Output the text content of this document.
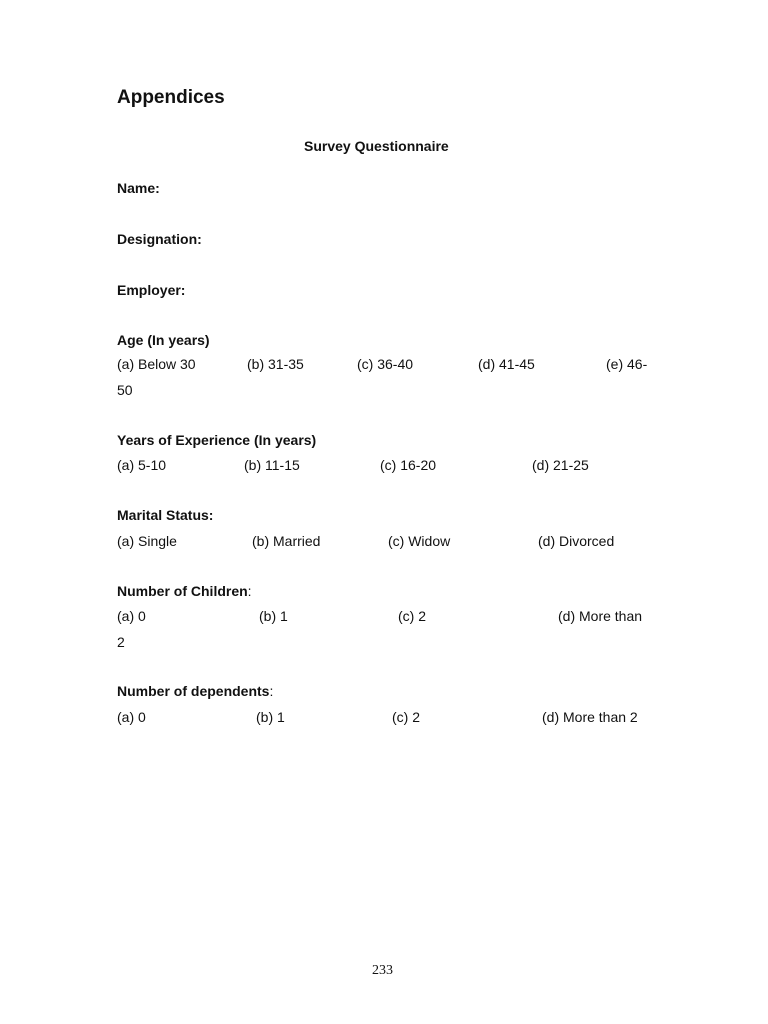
Appendices
Survey Questionnaire
Name:
Designation:
Employer:
Age (In years)
(a) Below 30	(b) 31-35	(c) 36-40	(d) 41-45	(e) 46-
50
Years of Experience (In years)
(a) 5-10	(b) 11-15	(c) 16-20	(d) 21-25
Marital Status:
(a) Single	(b) Married	(c) Widow	(d) Divorced
Number of Children:
(a) 0	(b) 1	(c) 2	(d) More than
2
Number of dependents:
(a) 0	(b) 1	(c) 2	(d) More than 2
233
